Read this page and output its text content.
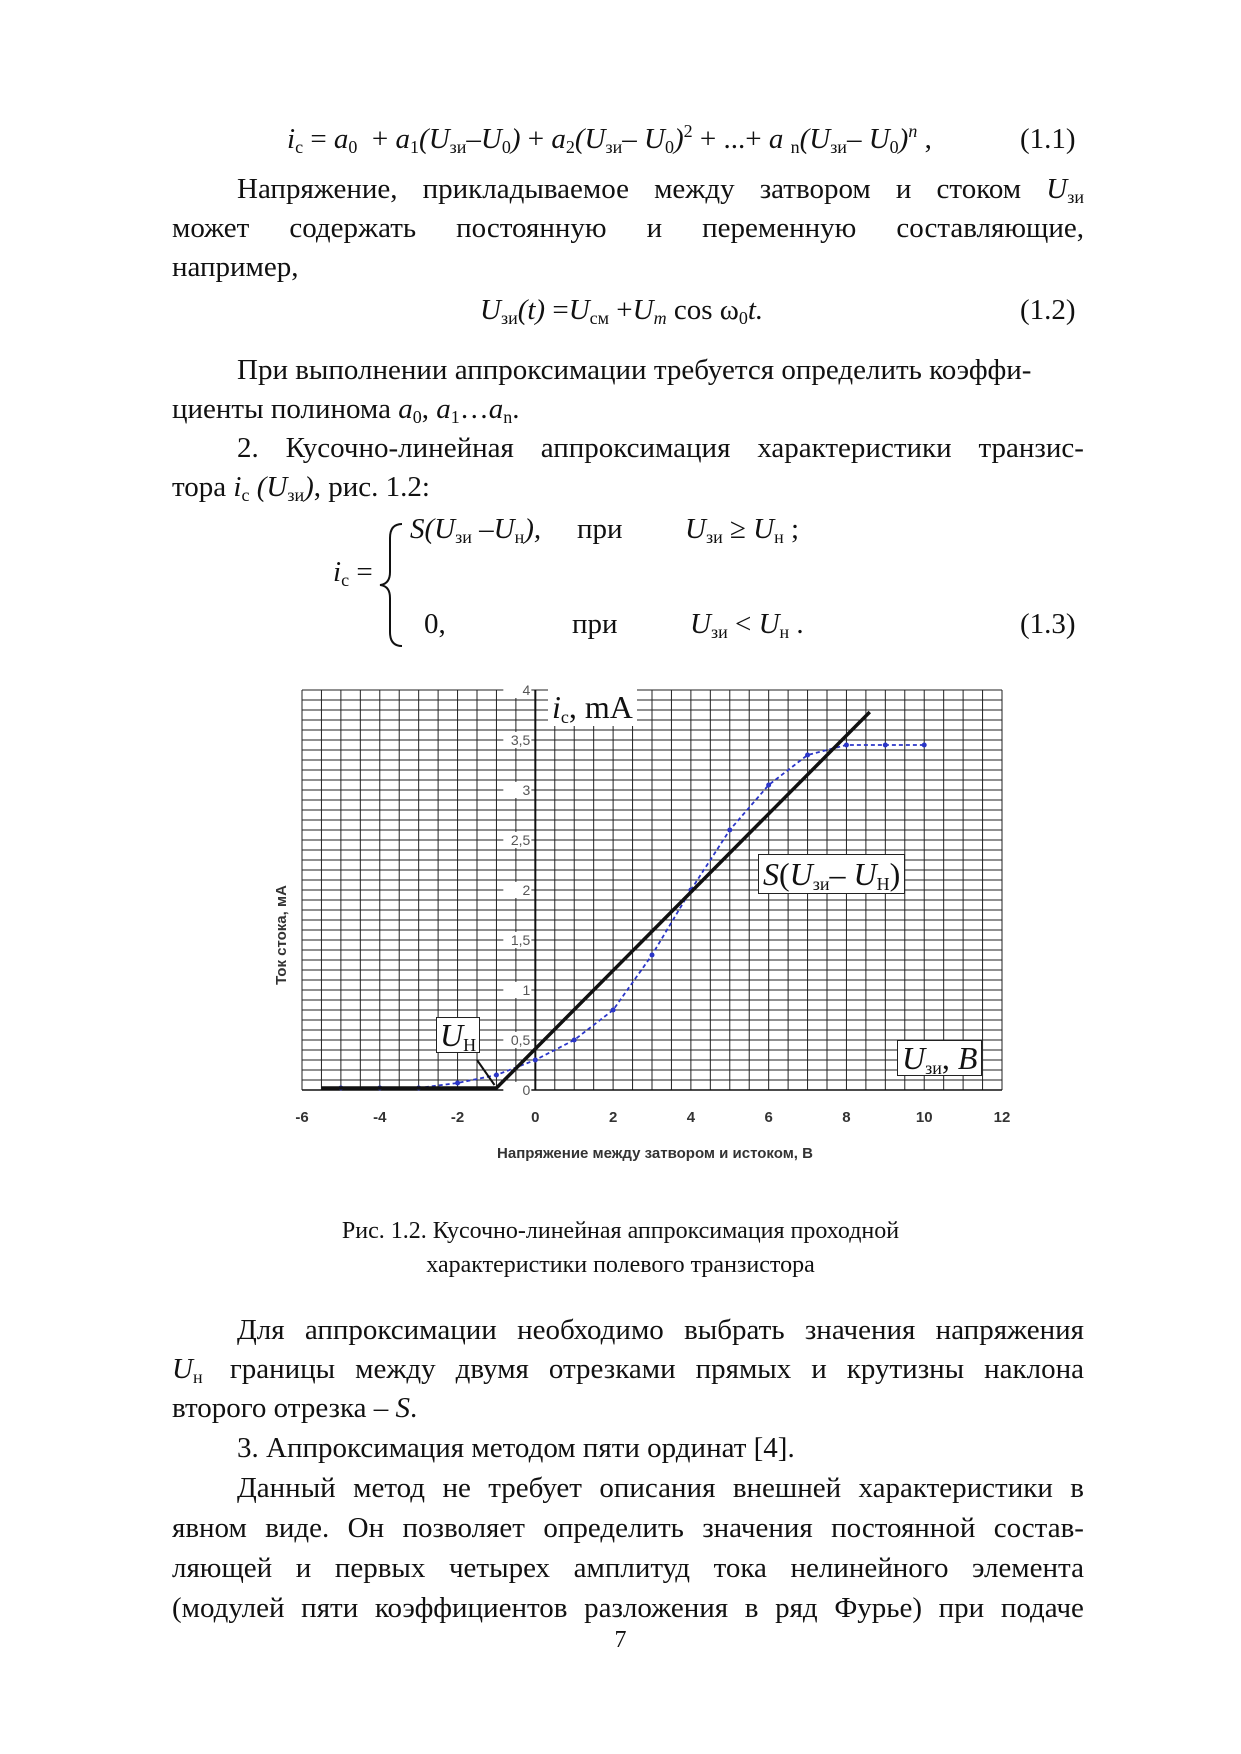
$i_с = a_0 + a_1(U_{зи}-U_0) + a_2(U_{зи}-$ $U_0)^2$ + ...+ a $_n(U_{зи}-$ $U_0)^n$ ,	(1.1)
Напряжение, прикладываемое между затвором и стоком $U_{зи}$
может содержать постоянную и переменную составляющие,
например,
$U_{зи}(t) =U_{см} +U_m$ $\cos \omega_0t$.	(1.2)
При выполнении аппроксимации требуется определить коэффи-
циенты полинома $a_0$, $a_1\dots a_n$.
2. Кусочно-линейная аппроксимация характеристики транзис-
тора $i_с$ $(U_{зи})$, рис. 1.2:
$i_с$ =
$S(U_{зи}$ $-U_н$), при $U_{зи} \ge U_н$ ;
0,	при $U_{зи} < U_н$ .	(1.3)
-6	-4	-2	0	2	4	6	8	10	12
0
0,5
1
1,5
2
2,5
3
3,5
4
Напряжение между затвором и истоком, В
Ток стока, мА
$i_с$, mA
$S(U_{зи}-$ $U_Н$)
$U_Н$	$U_{зи}$, В
Рис. 1.2. Кусочно-линейная аппроксимация проходной
характеристики полевого транзистора
Для аппроксимации необходимо выбрать значения напряжения
$U_н$ границы между двумя отрезками прямых и крутизны наклона
второго отрезка – S.
3. Аппроксимация методом пяти ординат [4].
Данный метод не требует описания внешней характеристики в
явном виде. Он позволяет определить значения постоянной состав-
ляющей и первых четырех амплитуд тока нелинейного элемента
(модулей пяти коэффициентов разложения в ряд Фурье) при подаче
7
